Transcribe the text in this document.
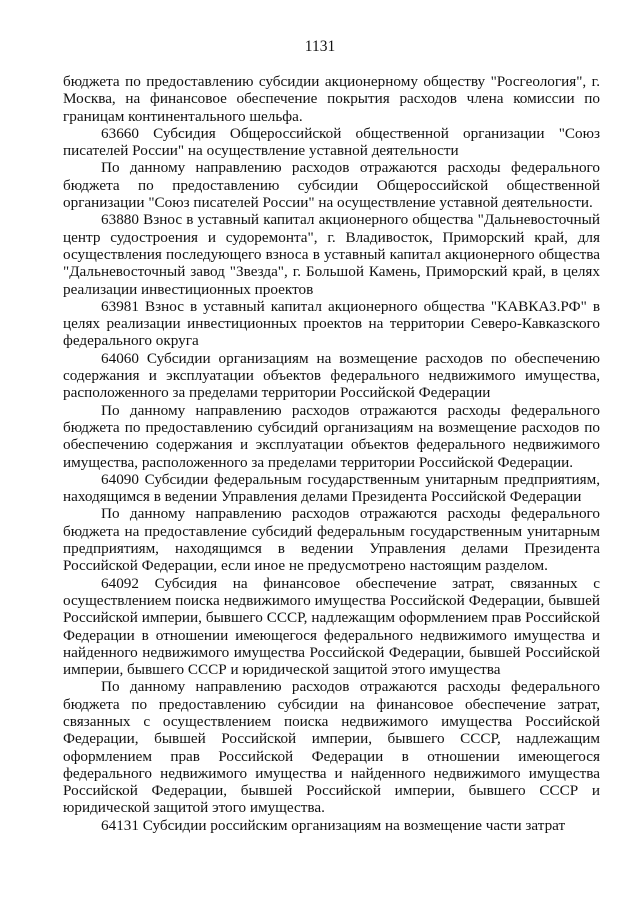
1131

бюджета по предоставлению субсидии акционерному обществу "Росгеология", г. Москва, на финансовое обеспечение покрытия расходов члена комиссии по границам континентального шельфа.

63660 Субсидия Общероссийской общественной организации "Союз писателей России" на осуществление уставной деятельности

По данному направлению расходов отражаются расходы федерального бюджета по предоставлению субсидии Общероссийской общественной организации "Союз писателей России" на осуществление уставной деятельности.

63880 Взнос в уставный капитал акционерного общества "Дальневосточный центр судостроения и судоремонта", г. Владивосток, Приморский край, для осуществления последующего взноса в уставный капитал акционерного общества "Дальневосточный завод "Звезда", г. Большой Камень, Приморский край, в целях реализации инвестиционных проектов

63981 Взнос в уставный капитал акционерного общества "КАВКАЗ.РФ" в целях реализации инвестиционных проектов на территории Северо-Кавказского федерального округа

64060 Субсидии организациям на возмещение расходов по обеспечению содержания и эксплуатации объектов федерального недвижимого имущества, расположенного за пределами территории Российской Федерации

По данному направлению расходов отражаются расходы федерального бюджета по предоставлению субсидий организациям на возмещение расходов по обеспечению содержания и эксплуатации объектов федерального недвижимого имущества, расположенного за пределами территории Российской Федерации.

64090 Субсидии федеральным государственным унитарным предприятиям, находящимся в ведении Управления делами Президента Российской Федерации

По данному направлению расходов отражаются расходы федерального бюджета на предоставление субсидий федеральным государственным унитарным предприятиям, находящимся в ведении Управления делами Президента Российской Федерации, если иное не предусмотрено настоящим разделом.

64092 Субсидия на финансовое обеспечение затрат, связанных с осуществлением поиска недвижимого имущества Российской Федерации, бывшей Российской империи, бывшего СССР, надлежащим оформлением прав Российской Федерации в отношении имеющегося федерального недвижимого имущества и найденного недвижимого имущества Российской Федерации, бывшей Российской империи, бывшего СССР и юридической защитой этого имущества

По данному направлению расходов отражаются расходы федерального бюджета по предоставлению субсидии на финансовое обеспечение затрат, связанных с осуществлением поиска недвижимого имущества Российской Федерации, бывшей Российской империи, бывшего СССР, надлежащим оформлением прав Российской Федерации в отношении имеющегося федерального недвижимого имущества и найденного недвижимого имущества Российской Федерации, бывшей Российской империи, бывшего СССР и юридической защитой этого имущества.

64131 Субсидии российским организациям на возмещение части затрат
